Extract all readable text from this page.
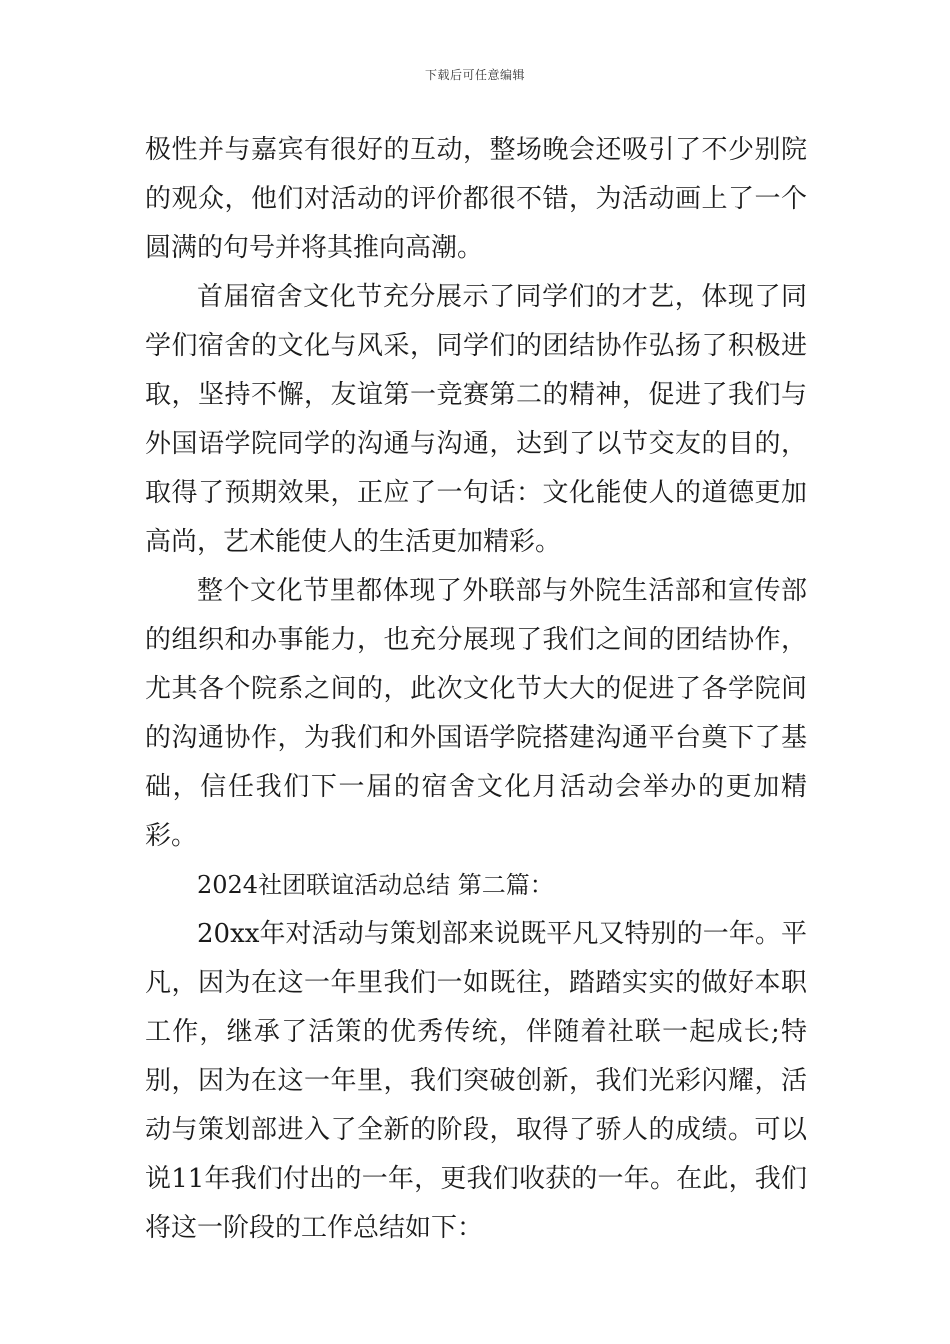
下载后可任意编辑

极性并与嘉宾有很好的互动，整场晚会还吸引了不少别院的观众，他们对活动的评价都很不错，为活动画上了一个圆满的句号并将其推向高潮。

首届宿舍文化节充分展示了同学们的才艺，体现了同学们宿舍的文化与风采，同学们的团结协作弘扬了积极进取，坚持不懈，友谊第一竞赛第二的精神，促进了我们与外国语学院同学的沟通与沟通，达到了以节交友的目的，取得了预期效果，正应了一句话：文化能使人的道德更加高尚，艺术能使人的生活更加精彩。

整个文化节里都体现了外联部与外院生活部和宣传部的组织和办事能力，也充分展现了我们之间的团结协作，尤其各个院系之间的，此次文化节大大的促进了各学院间的沟通协作，为我们和外国语学院搭建沟通平台奠下了基础，信任我们下一届的宿舍文化月活动会举办的更加精彩。

2024社团联谊活动总结 第二篇：

20xx年对活动与策划部来说既平凡又特别的一年。平凡，因为在这一年里我们一如既往，踏踏实实的做好本职工作，继承了活策的优秀传统，伴随着社联一起成长;特别，因为在这一年里，我们突破创新，我们光彩闪耀，活动与策划部进入了全新的阶段，取得了骄人的成绩。可以说11年我们付出的一年，更我们收获的一年。在此，我们将这一阶段的工作总结如下：
